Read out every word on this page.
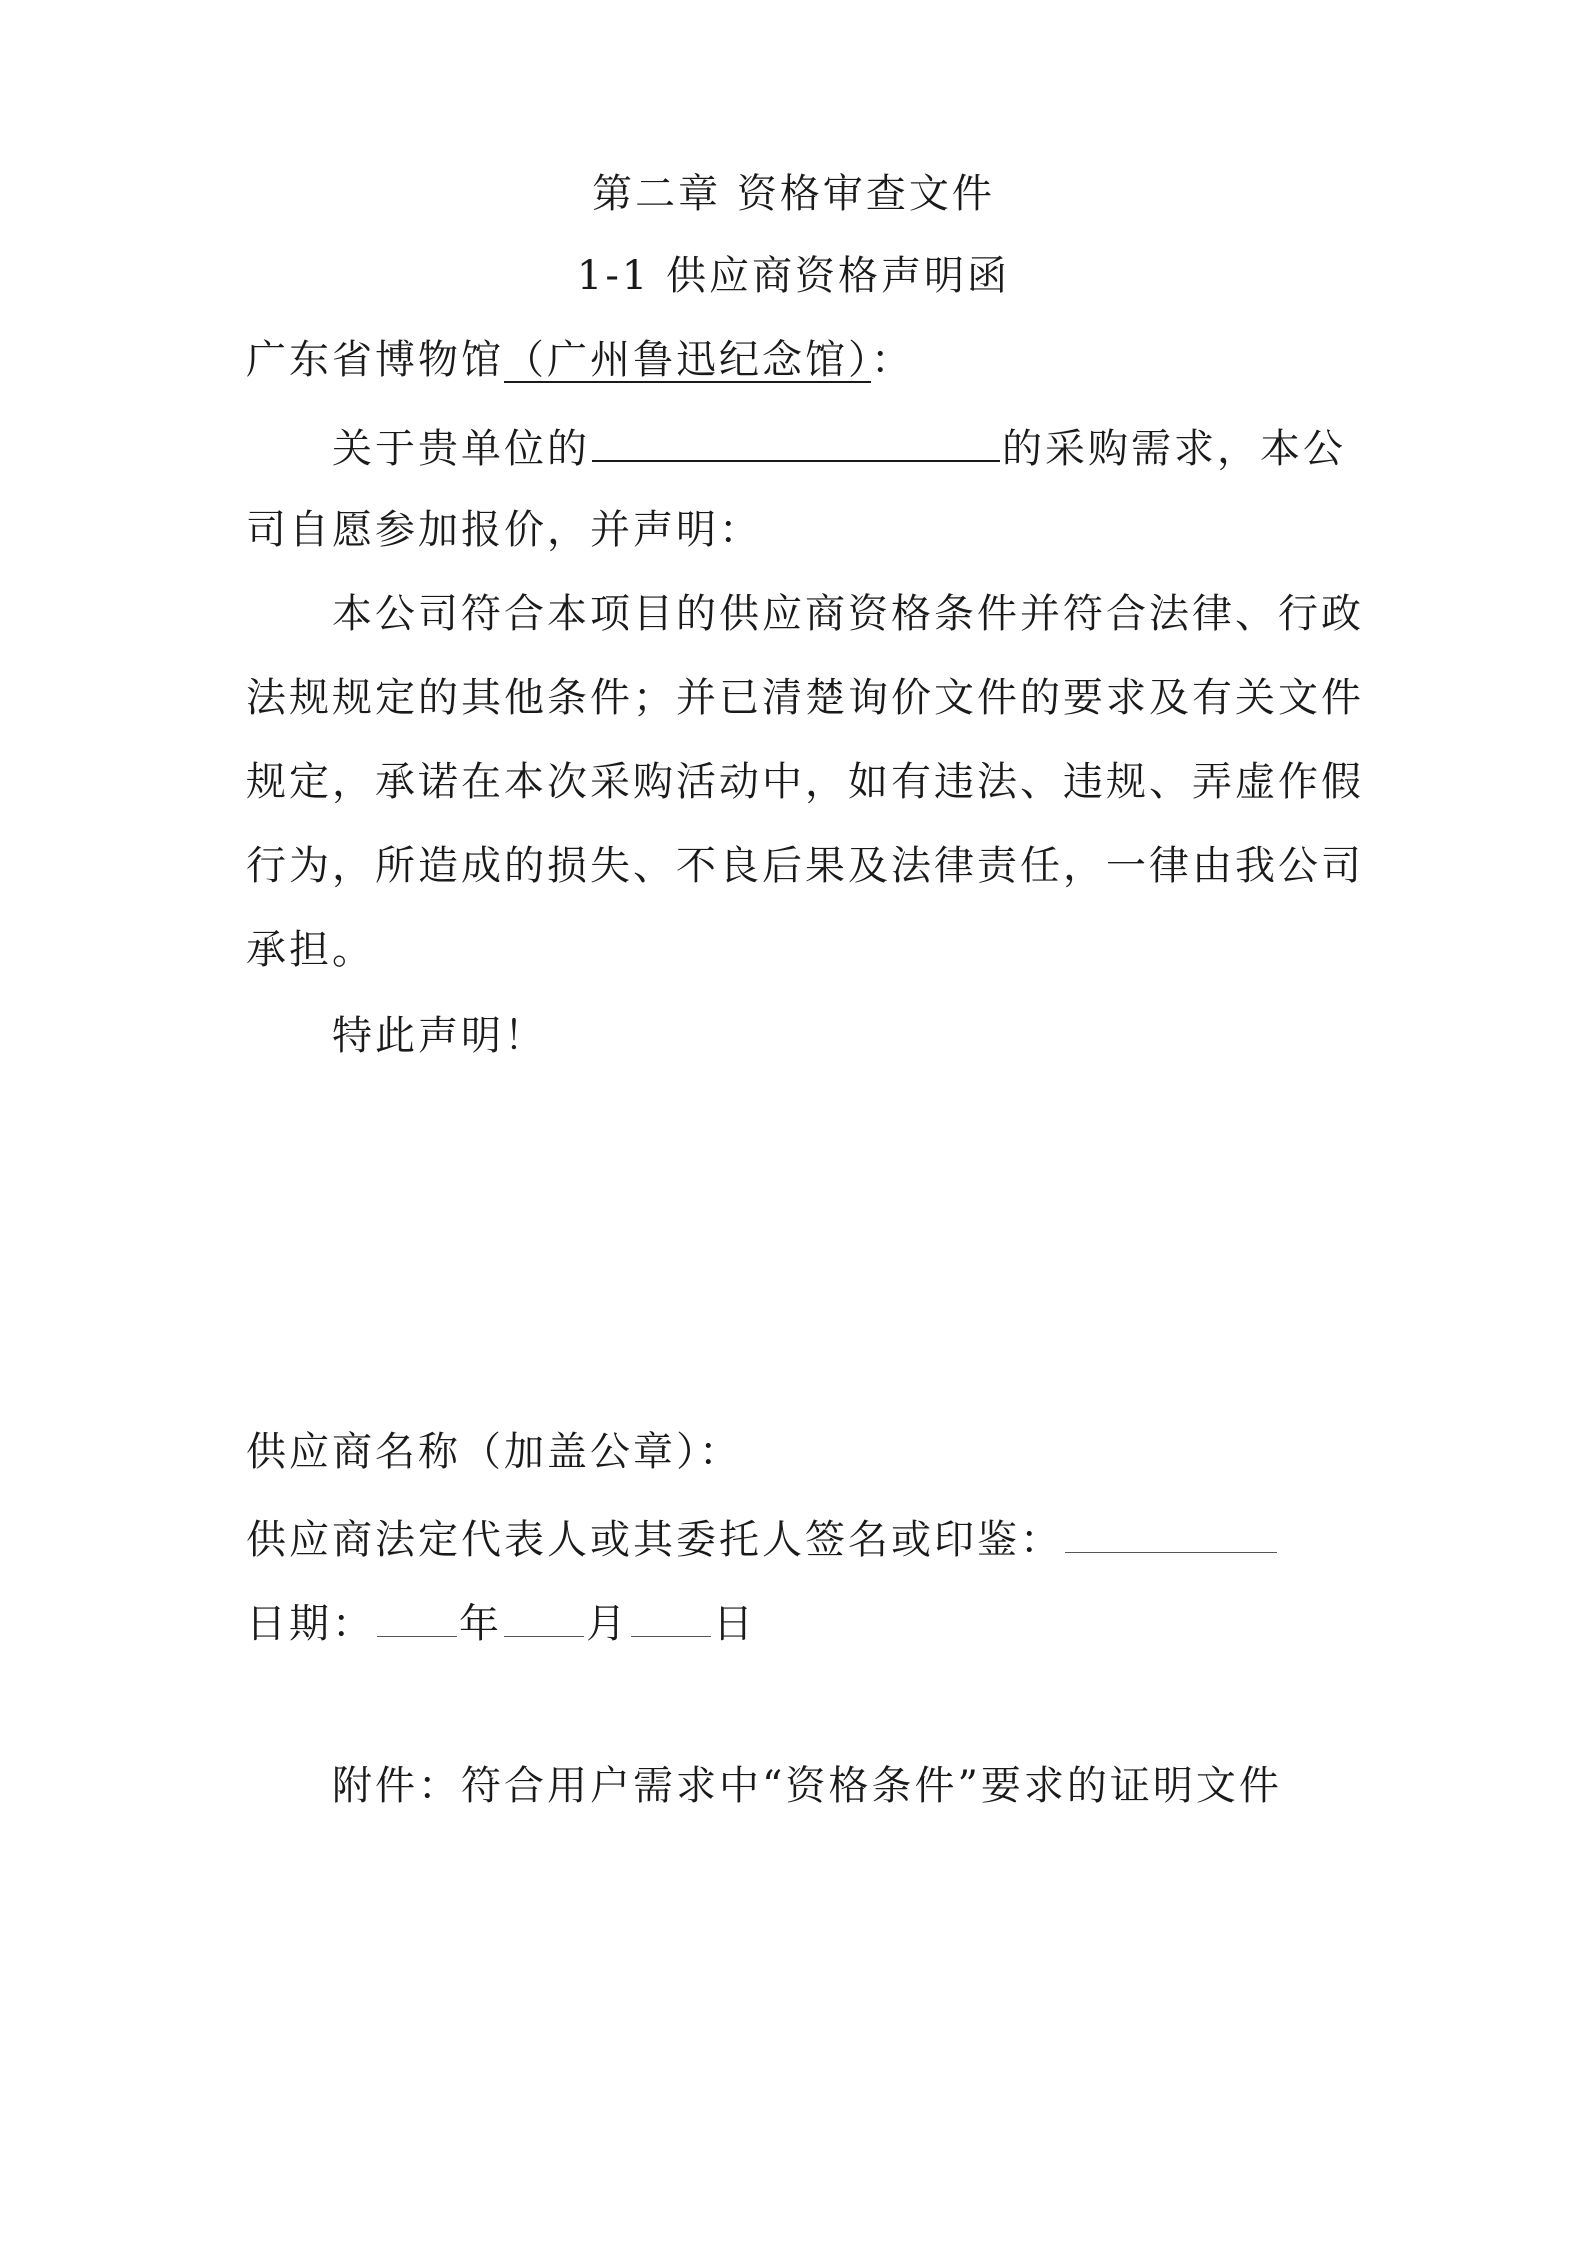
第二章 资格审查文件
1-1 供应商资格声明函
广东省博物馆（广州鲁迅纪念馆）：
关于贵单位的	的采购需求，本公
司自愿参加报价，并声明：
本公司符合本项目的供应商资格条件并符合法律、行政
法规规定的其他条件；并已清楚询价文件的要求及有关文件
规定，承诺在本次采购活动中，如有违法、违规、弄虚作假
行为，所造成的损失、不良后果及法律责任，一律由我公司
承担。
特此声明！
供应商名称（加盖公章）：
供应商法定代表人或其委托人签名或印鉴：
日期： 年 月 日
附件：符合用户需求中“资格条件”要求的证明文件
